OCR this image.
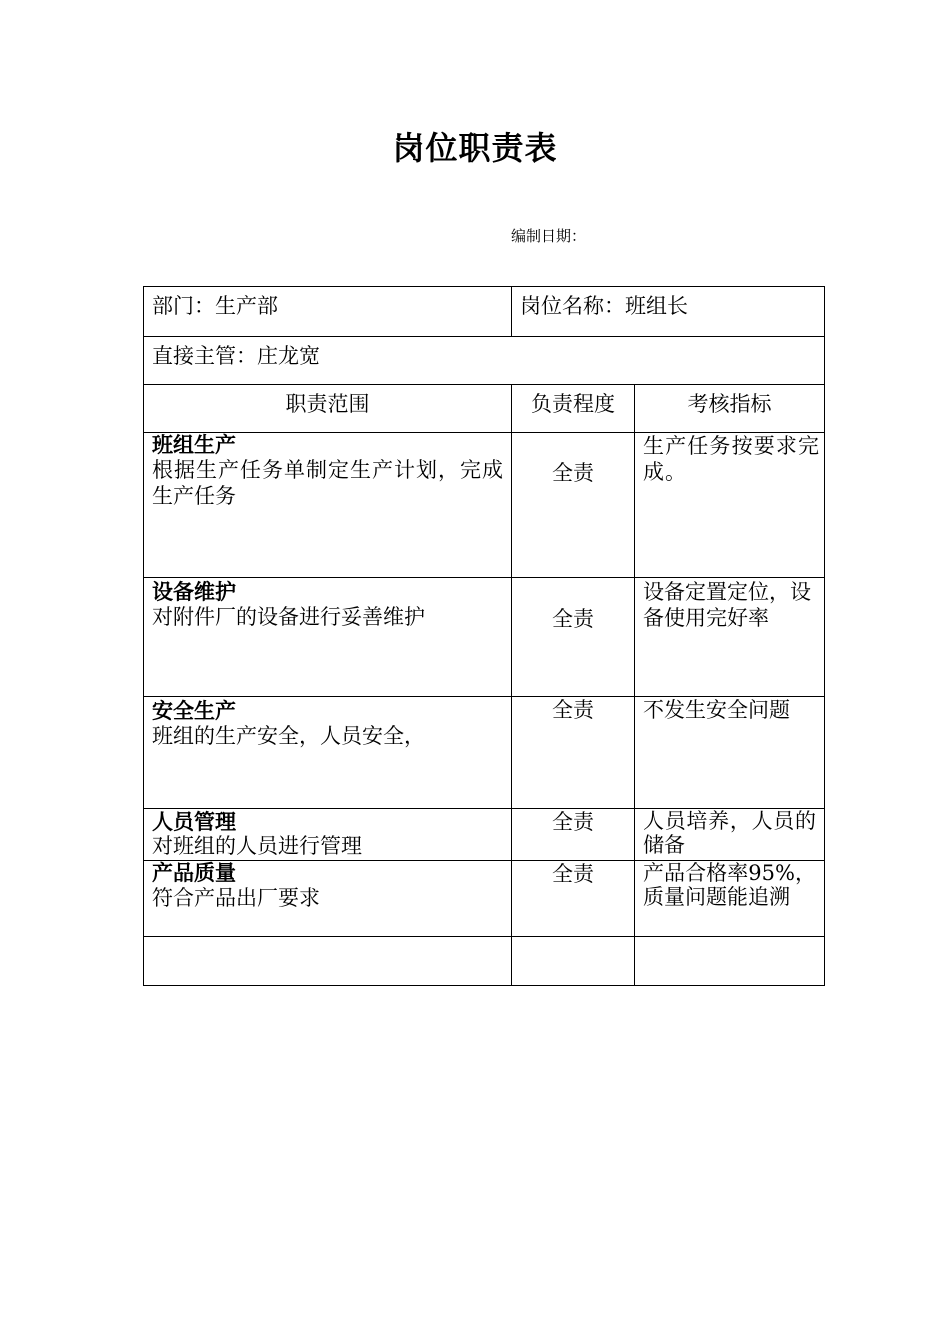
岗位职责表
编制日期：
部门：生产部	岗位名称：班组长	
直接主管：庄龙宽		
职责范围	负责程度	考核指标

班组生产
根据生产任务单制定生产计划，完成生产任务	全责	生产任务按要求完成。

设备维护
对附件厂的设备进行妥善维护	全责	设备定置定位，设备使用完好率

安全生产
班组的生产安全，人员安全，	全责	不发生安全问题

人员管理
对班组的人员进行管理	全责	人员培养，人员的储备

产品质量
符合产品出厂要求	全责	产品合格率95%，质量问题能追溯
